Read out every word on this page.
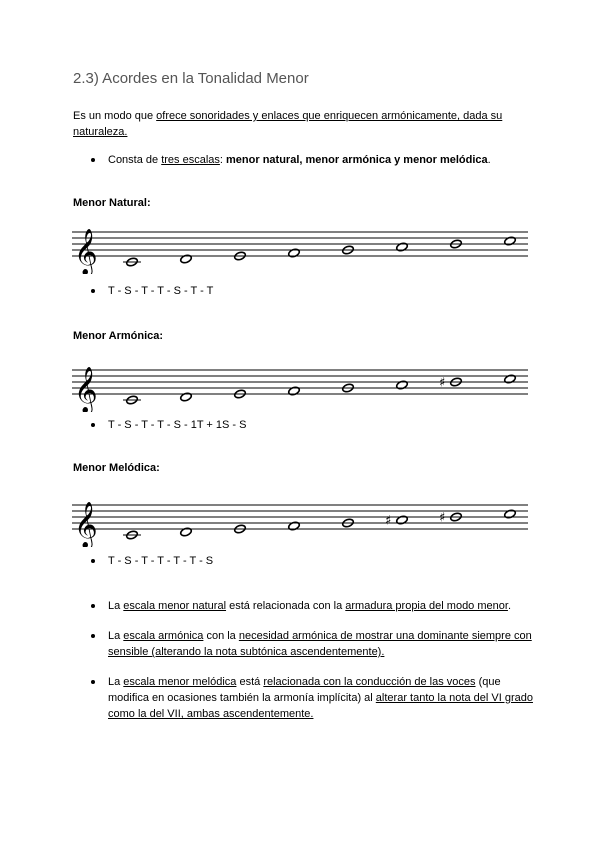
2.3) Acordes en la Tonalidad Menor

Es un modo que ofrece sonoridades y enlaces que enriquecen armónicamente, dada su naturaleza.

Consta de tres escalas: menor natural, menor armónica y menor melódica.
Menor Natural:
𝄞
T - S - T - T - S - T - T
Menor Armónica:
𝄞	♯
T - S - T - T - S - 1T + 1S - S
Menor Melódica:
𝄞	♯	♯
T - S - T - T - T - T - S
La escala menor natural está relacionada con la armadura propia del modo menor.
La escala armónica con la necesidad armónica de mostrar una dominante siempre con sensible (alterando la nota subtónica ascendentemente).
La escala menor melódica está relacionada con la conducción de las voces (que modifica en ocasiones también la armonía implícita) al alterar tanto la nota del VI grado como la del VII, ambas ascendentemente.
